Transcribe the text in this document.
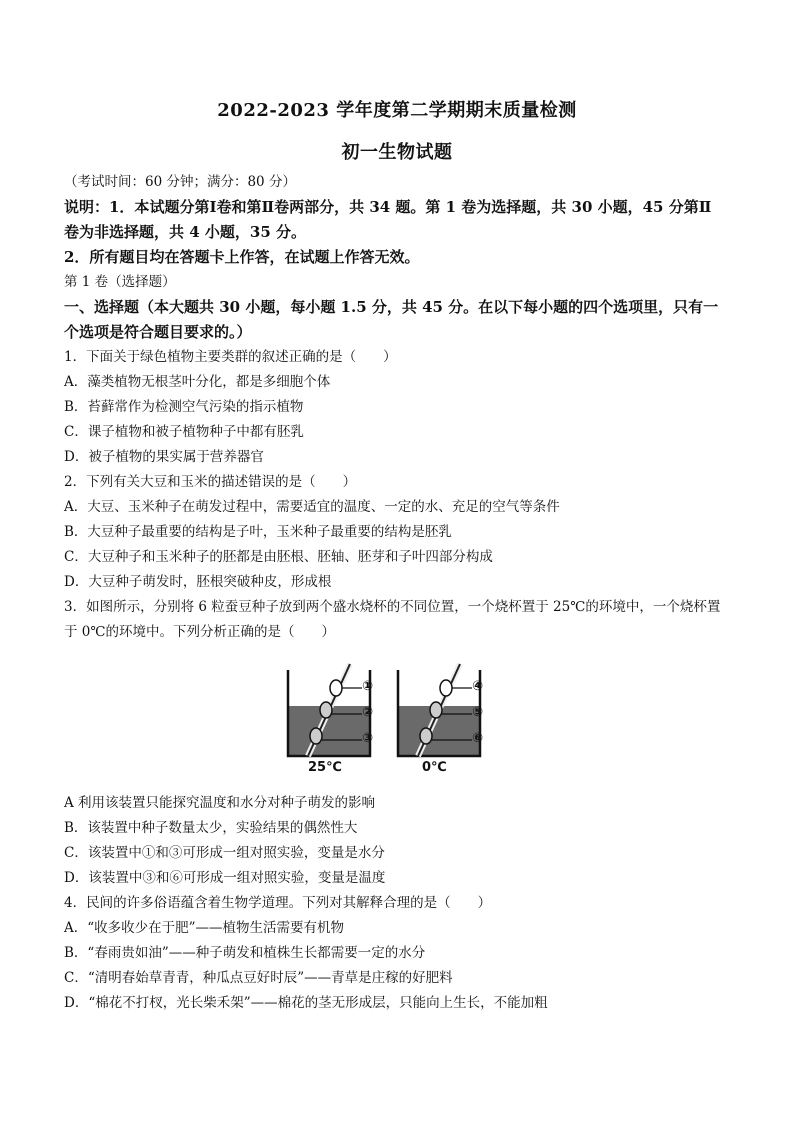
2022-2023 学年度第二学期期末质量检测
初一生物试题
（考试时间：60 分钟；满分：80 分）
说明：1．本试题分第Ⅰ卷和第Ⅱ卷两部分，共 34 题。第 1 卷为选择题，共 30 小题，45 分第Ⅱ
卷为非选择题，共 4 小题，35 分。
2．所有题目均在答题卡上作答，在试题上作答无效。
第 1 卷（选择题）
一、选择题（本大题共 30 小题，每小题 1.5 分，共 45 分。在以下每小题的四个选项里，只有一
个选项是符合题目要求的。）
1．下面关于绿色植物主要类群的叙述正确的是（　　）
A．藻类植物无根茎叶分化，都是多细胞个体
B．苔藓常作为检测空气污染的指示植物
C．课子植物和被子植物种子中都有胚乳
D．被子植物的果实属于营养器官
2．下列有关大豆和玉米的描述错误的是（　　）
A．大豆、玉米种子在萌发过程中，需要适宜的温度、一定的水、充足的空气等条件
B．大豆种子最重要的结构是子叶，玉米种子最重要的结构是胚乳
C．大豆种子和玉米种子的胚都是由胚根、胚轴、胚芽和子叶四部分构成
D．大豆种子萌发时，胚根突破种皮，形成根
3．如图所示，分别将 6 粒蚕豆种子放到两个盛水烧杯的不同位置，一个烧杯置于 25℃的环境中，一个烧杯置
于 0℃的环境中。下列分析正确的是（　　）
①
②
③
④
⑤
⑥
25℃	0℃
A 利用该装置只能探究温度和水分对种子萌发的影响
B．该装置中种子数量太少，实验结果的偶然性大
C．该装置中①和③可形成一组对照实验，变量是水分
D．该装置中③和⑥可形成一组对照实验，变量是温度
4．民间的许多俗语蕴含着生物学道理。下列对其解释合理的是（　　）
A．“收多收少在于肥”——植物生活需要有机物
B．“春雨贵如油”——种子萌发和植株生长都需要一定的水分
C．“清明春始草青青，种瓜点豆好时辰”——青草是庄稼的好肥料
D．“棉花不打杈，光长柴禾架”——棉花的茎无形成层，只能向上生长，不能加粗
